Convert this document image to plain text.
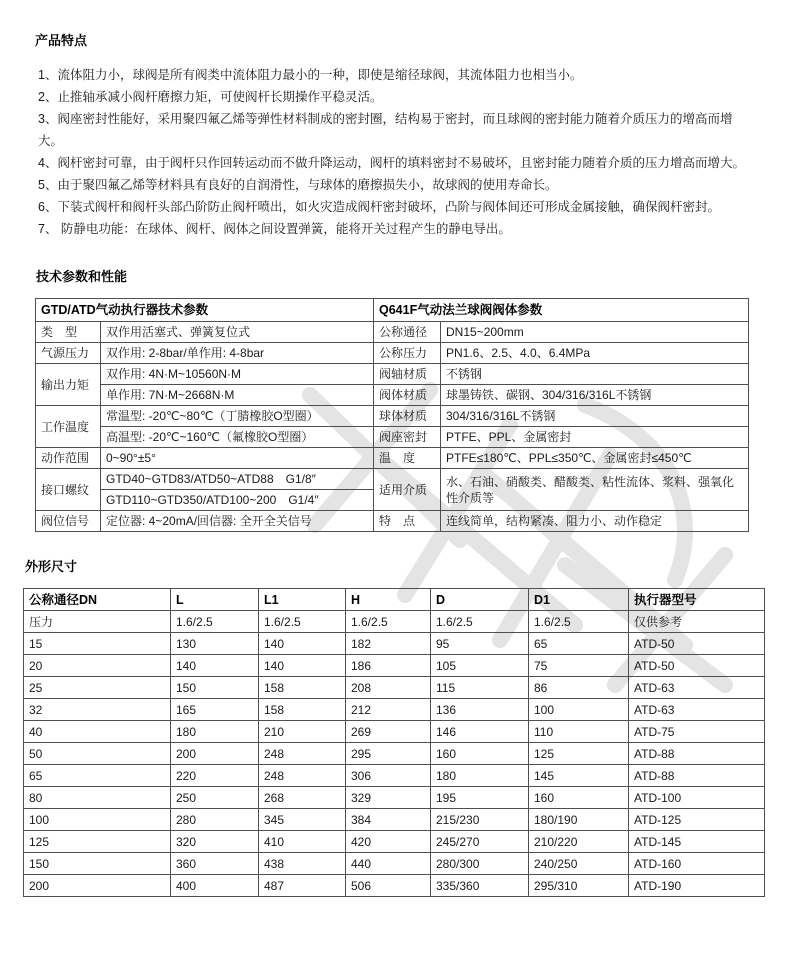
产品特点

1、流体阻力小，球阀是所有阀类中流体阻力最小的一种，即使是缩径球阀，其流体阻力也相当小。

2、止推轴承减小阀杆磨擦力矩，可使阀杆长期操作平稳灵活。

3、阀座密封性能好，采用聚四氟乙烯等弹性材料制成的密封圈，结构易于密封，而且球阀的密封能力随着介质压力的增高而增大。

4、阀杆密封可靠，由于阀杆只作回转运动而不做升降运动，阀杆的填料密封不易破坏，且密封能力随着介质的压力增高而增大。

5、由于聚四氟乙烯等材料具有良好的自润滑性，与球体的磨擦损失小，故球阀的使用寿命长。

6、下装式阀杆和阀杆头部凸阶防止阀杆喷出，如火灾造成阀杆密封破坏，凸阶与阀体间还可形成金属接触，确保阀杆密封。

7、 防静电功能：在球体、阀杆、阀体之间设置弹簧，能将开关过程产生的静电导出。

技术参数和性能
GTD/ATD气动执行器技术参数		Q641F气动法兰球阀阀体参数	
类　型	双作用活塞式、弹簧复位式	公称通径	DN15~200mm
气源压力	双作用: 2-8bar/单作用: 4-8bar	公称压力	PN1.6、2.5、4.0、6.4MPa
输出力矩	双作用: 4N·M~10560N·M	阀轴材质	不锈钢
	单作用: 7N·M~2668N·M	阀体材质	球墨铸铁、碳钢、304/316/316L不锈钢
工作温度	常温型: -20℃~80℃（丁腈橡胶O型圈）	球体材质	304/316/316L不锈钢
	高温型: -20℃~160℃（氟橡胶O型圈）	阀座密封	PTFE、PPL、金属密封
动作范围	0~90°±5°	温　度	PTFE≤180℃、PPL≤350℃、金属密封≤450℃
接口螺纹	GTD40~GTD83/ATD50~ATD88　G1/8″	适用介质	水、石油、硝酸类、醋酸类、粘性流体、浆料、强氧化性介质等
	GTD110~GTD350/ATD100~200　G1/4″		
阀位信号	定位器: 4~20mA/回信器: 全开全关信号	特　点	连线简单，结构紧凑、阻力小、动作稳定
外形尺寸
公称通径DN	L	L1	H	D	D1	执行器型号
压力	1.6/2.5	1.6/2.5	1.6/2.5	1.6/2.5	1.6/2.5	仅供参考
15	130	140	182	95	65	ATD-50
20	140	140	186	105	75	ATD-50
25	150	158	208	115	86	ATD-63
32	165	158	212	136	100	ATD-63
40	180	210	269	146	110	ATD-75
50	200	248	295	160	125	ATD-88
65	220	248	306	180	145	ATD-88
80	250	268	329	195	160	ATD-100
100	280	345	384	215/230	180/190	ATD-125
125	320	410	420	245/270	210/220	ATD-145
150	360	438	440	280/300	240/250	ATD-160
200	400	487	506	335/360	295/310	ATD-190
